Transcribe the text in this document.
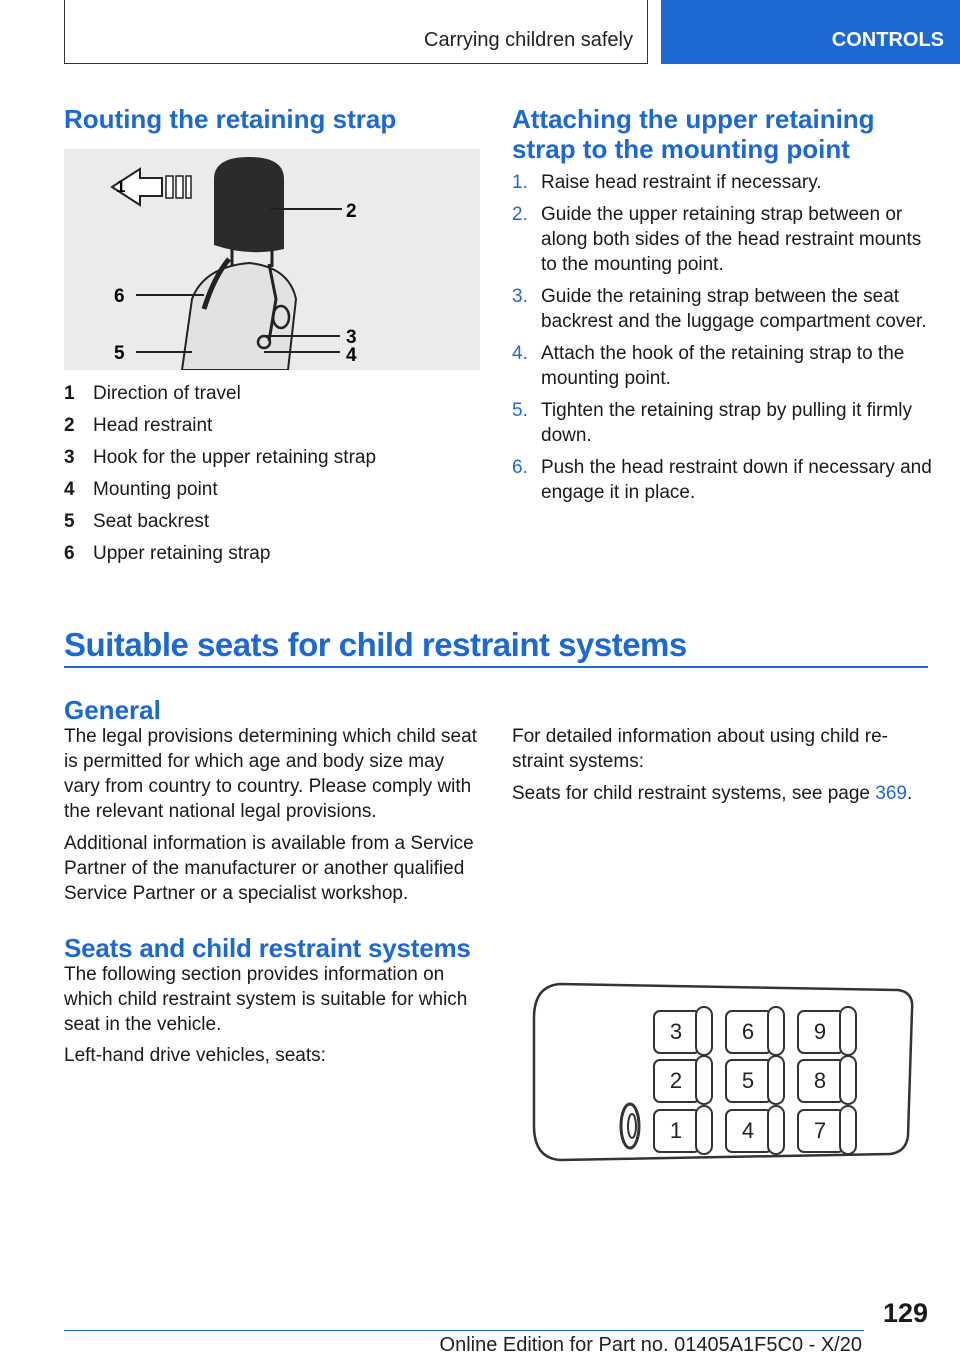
Carrying children safely	CONTROLS
Routing the retaining strap
1
2
3
4
5
6
1 Direction of travel
2 Head restraint
3 Hook for the upper retaining strap
4 Mounting point
5 Seat backrest
6 Upper retaining strap
Attaching the upper retaining
strap to the mounting point
1. Raise head restraint if necessary.
2. Guide the upper retaining strap between or along both sides of the head restraint mounts to the mounting point.
3. Guide the retaining strap between the seat backrest and the luggage compartment cover.
4. Attach the hook of the retaining strap to the mounting point.
5. Tighten the retaining strap by pulling it firmly down.
6. Push the head restraint down if necessary and engage it in place.
Suitable seats for child restraint systems
General

The legal provisions determining which child seat is permitted for which age and body size may vary from country to country. Please comply with the relevant national legal provisions.

Additional information is available from a Service Partner of the manufacturer or another qualified Service Partner or a specialist workshop.

For detailed information about using child re‐straint systems:

Seats for child restraint systems, see page 369.

Seats and child restraint systems

The following section provides information on which child restraint system is suitable for which seat in the vehicle.

Left-hand drive vehicles, seats:

3
2
1
6
5
4
9
8
7
129
Online Edition for Part no. 01405A1F5C0 - X/20
